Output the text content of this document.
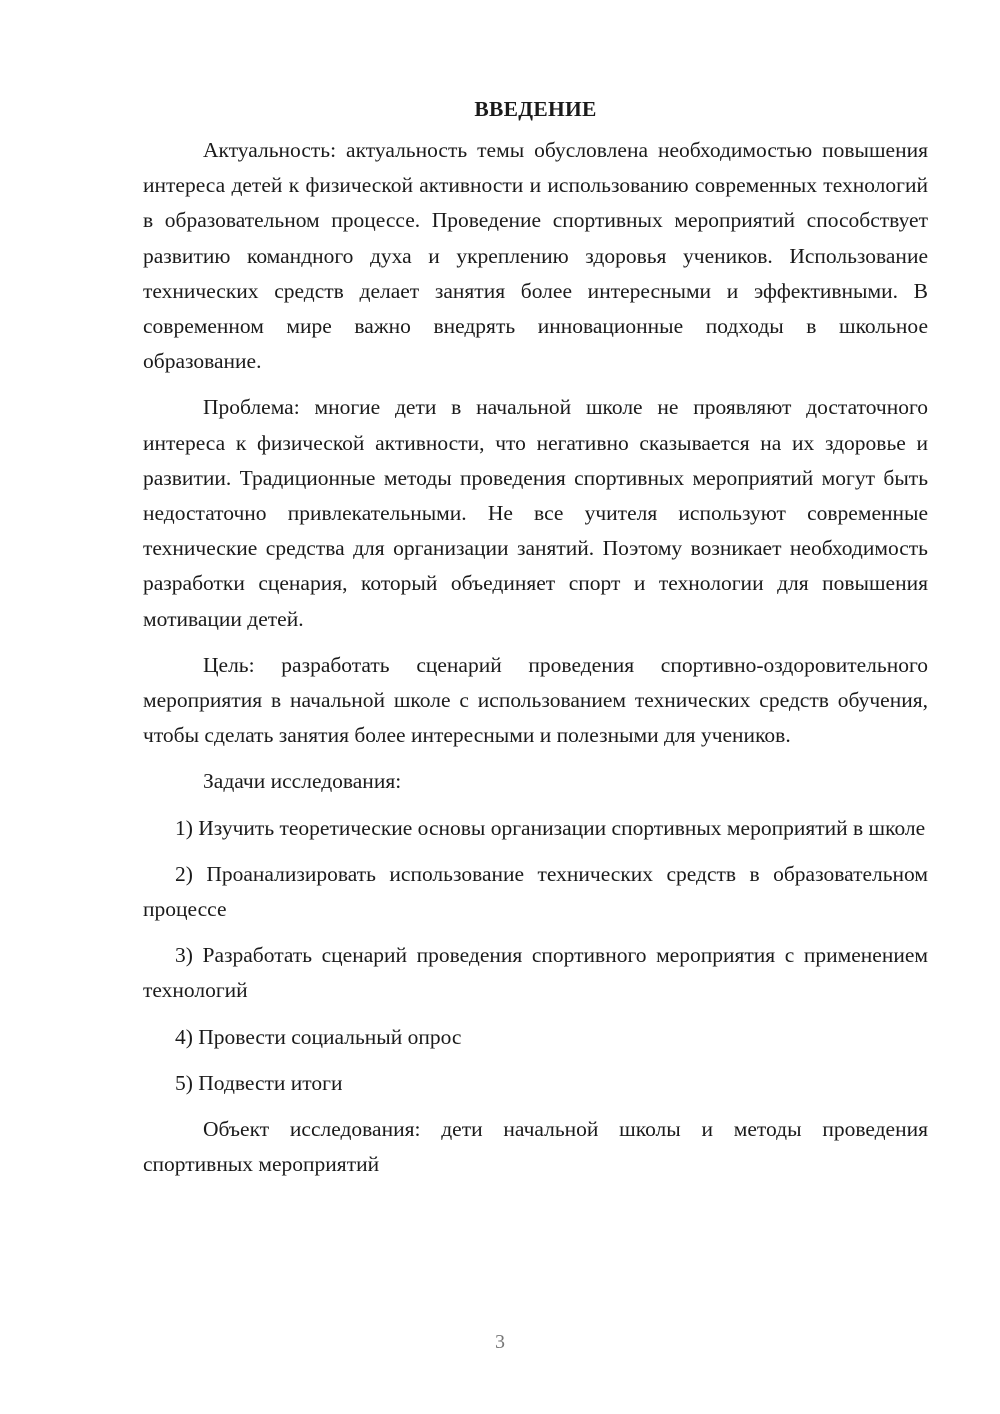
ВВЕДЕНИЕ

Актуальность: актуальность темы обусловлена необходимостью повышения интереса детей к физической активности и использованию современных технологий в образовательном процессе. Проведение спортивных мероприятий способствует развитию командного духа и укреплению здоровья учеников. Использование технических средств делает занятия более интересными и эффективными. В современном мире важно внедрять инновационные подходы в школьное образование.

Проблема: многие дети в начальной школе не проявляют достаточного интереса к физической активности, что негативно сказывается на их здоровье и развитии. Традиционные методы проведения спортивных мероприятий могут быть недостаточно привлекательными. Не все учителя используют современные технические средства для организации занятий. Поэтому возникает необходимость разработки сценария, который объединяет спорт и технологии для повышения мотивации детей.

Цель: разработать сценарий проведения спортивно-оздоровительного мероприятия в начальной школе с использованием технических средств обучения, чтобы сделать занятия более интересными и полезными для учеников.

Задачи исследования:

1) Изучить теоретические основы организации спортивных мероприятий в школе

2) Проанализировать использование технических средств в образовательном процессе

3) Разработать сценарий проведения спортивного мероприятия с применением технологий

4) Провести социальный опрос

5) Подвести итоги

Объект исследования: дети начальной школы и методы проведения спортивных мероприятий

3
